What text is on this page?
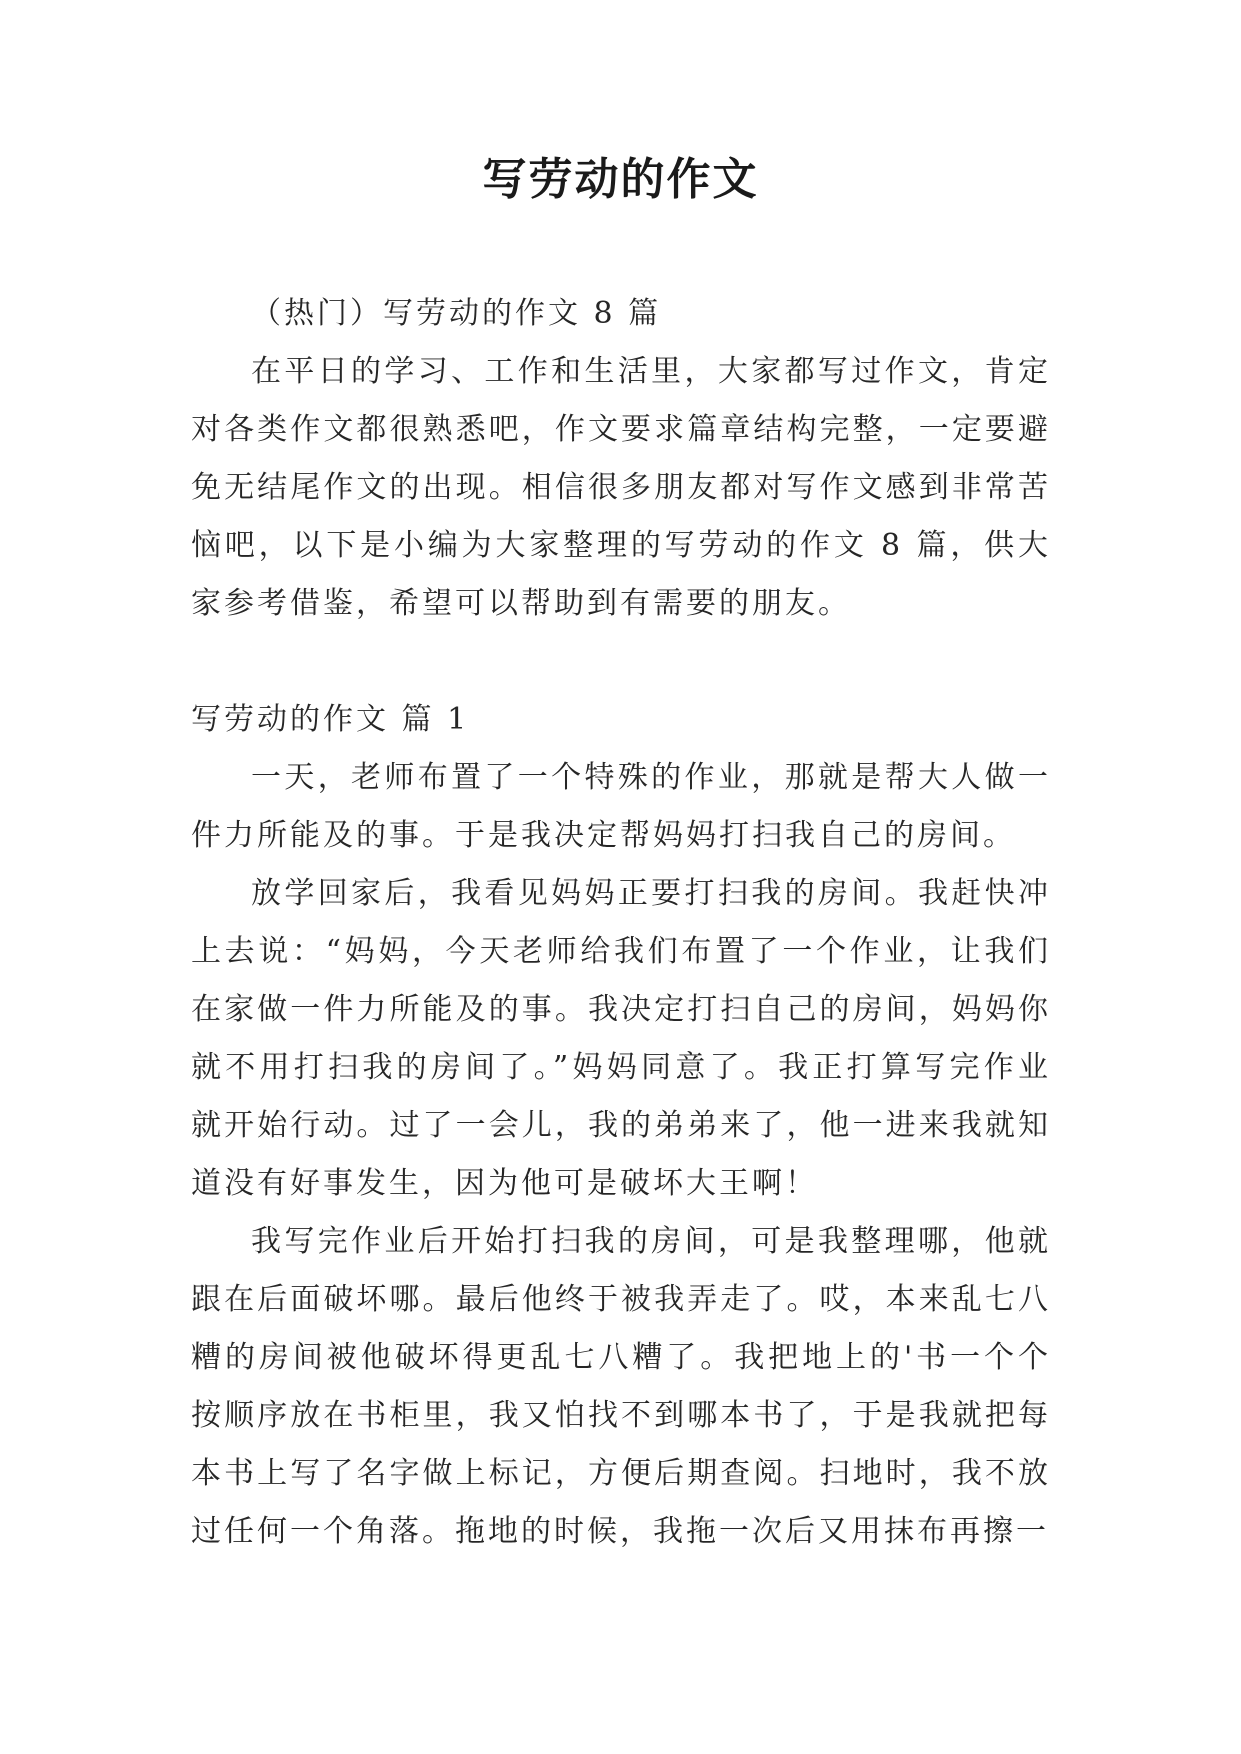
写劳动的作文

（热门）写劳动的作文 8 篇

在平日的学习、工作和生活里，大家都写过作文，肯定对各类作文都很熟悉吧，作文要求篇章结构完整，一定要避免无结尾作文的出现。相信很多朋友都对写作文感到非常苦恼吧，以下是小编为大家整理的写劳动的作文 8 篇，供大家参考借鉴，希望可以帮助到有需要的朋友。

写劳动的作文 篇 1

一天，老师布置了一个特殊的作业，那就是帮大人做一件力所能及的事。于是我决定帮妈妈打扫我自己的房间。

放学回家后，我看见妈妈正要打扫我的房间。我赶快冲上去说：“妈妈，今天老师给我们布置了一个作业，让我们在家做一件力所能及的事。我决定打扫自己的房间，妈妈你就不用打扫我的房间了。”妈妈同意了。我正打算写完作业就开始行动。过了一会儿，我的弟弟来了，他一进来我就知道没有好事发生，因为他可是破坏大王啊！

我写完作业后开始打扫我的房间，可是我整理哪，他就跟在后面破坏哪。最后他终于被我弄走了。哎，本来乱七八糟的房间被他破坏得更乱七八糟了。我把地上的'书一个个按顺序放在书柜里，我又怕找不到哪本书了，于是我就把每本书上写了名字做上标记，方便后期查阅。扫地时，我不放过任何一个角落。拖地的时候，我拖一次后又用抹布再擦一
